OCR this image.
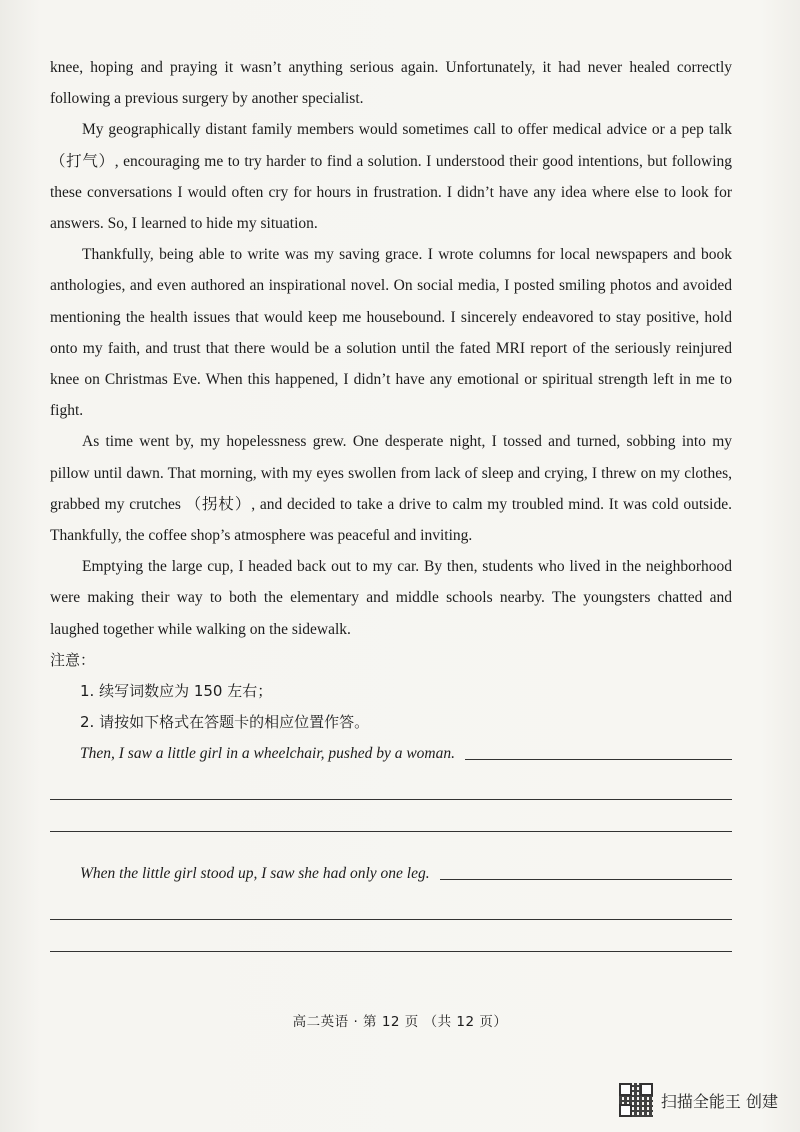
knee, hoping and praying it wasn’t anything serious again. Unfortunately, it had never healed correctly following a previous surgery by another specialist.

My geographically distant family members would sometimes call to offer medical advice or a pep talk （打气）, encouraging me to try harder to find a solution. I understood their good intentions, but following these conversations I would often cry for hours in frustration. I didn’t have any idea where else to look for answers. So, I learned to hide my situation.

Thankfully, being able to write was my saving grace. I wrote columns for local newspapers and book anthologies, and even authored an inspirational novel. On social media, I posted smiling photos and avoided mentioning the health issues that would keep me housebound. I sincerely endeavored to stay positive, hold onto my faith, and trust that there would be a solution until the fated MRI report of the seriously reinjured knee on Christmas Eve. When this happened, I didn’t have any emotional or spiritual strength left in me to fight.

As time went by, my hopelessness grew. One desperate night, I tossed and turned, sobbing into my pillow until dawn. That morning, with my eyes swollen from lack of sleep and crying, I threw on my clothes, grabbed my crutches （拐杖）, and decided to take a drive to calm my troubled mind. It was cold outside. Thankfully, the coffee shop’s atmosphere was peaceful and inviting.

Emptying the large cup, I headed back out to my car. By then, students who lived in the neighborhood were making their way to both the elementary and middle schools nearby. The youngsters chatted and laughed together while walking on the sidewalk.

注意：
1. 续写词数应为 150 左右；
2. 请按如下格式在答题卡的相应位置作答。
Then, I saw a little girl in a wheelchair, pushed by a woman.
When the little girl stood up, I saw she had only one leg.
高二英语 · 第 12 页 （共 12 页）
扫描全能王 创建
